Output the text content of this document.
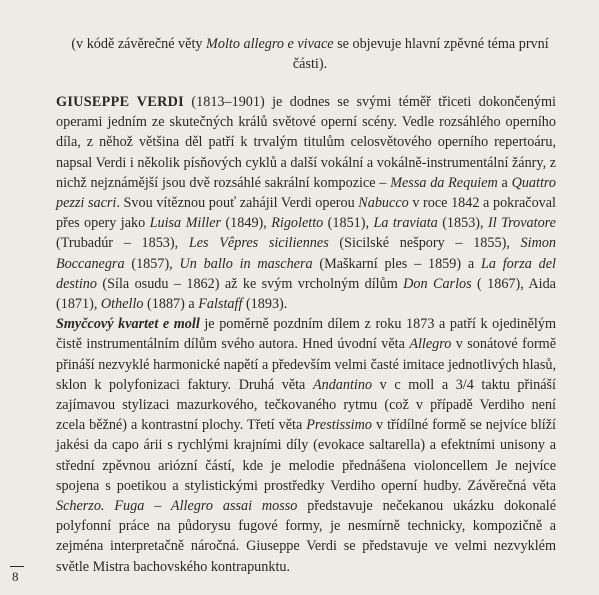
(v kódě závěrečné věty Molto allegro e vivace se objevuje hlavní zpěvné téma první části).

GIUSEPPE VERDI (1813–1901) je dodnes se svými téměř třiceti dokončenými operami jedním ze skutečných králů světové operní scény. Vedle rozsáhlého operního díla, z něhož většina děl patří k trvalým titulům celosvětového operního repertoáru, napsal Verdi i několik písňových cyklů a další vokální a vokálně-instrumentální žánry, z nichž nejznámější jsou dvě rozsáhlé sakrální kompozice – Messa da Requiem a Quattro pezzi sacri. Svou vítěznou pouť zahájil Verdi operou Nabucco v roce 1842 a pokračoval přes opery jako Luisa Miller (1849), Rigoletto (1851), La traviata (1853), Il Trovatore (Trubadúr – 1853), Les Vêpres siciliennes (Sicilské nešpory – 1855), Simon Boccanegra (1857), Un ballo in maschera (Maškarní ples – 1859) a La forza del destino (Síla osudu – 1862) až ke svým vrcholným dílům Don Carlos ( 1867), Aida (1871), Othello (1887) a Falstaff (1893).

Smyčcový kvartet e moll je poměrně pozdním dílem z roku 1873 a patří k ojedinělým čistě instrumentálním dílům svého autora. Hned úvodní věta Allegro v sonátové formě přináší nezvyklé harmonické napětí a především velmi časté imitace jednotlivých hlasů, sklon k polyfonizaci faktury. Druhá věta Andantino v c moll a 3/4 taktu přináší zajímavou stylizaci mazurkového, tečkovaného rytmu (což v případě Verdiho není zcela běžné) a kontrastní plochy. Třetí věta Prestissimo v třídílné formě se nejvíce blíží jakési da capo árii s rychlými krajními díly (evokace saltarella) a efektními unisony a střední zpěvnou ariózní částí, kde je melodie přednášena violoncellem Je nejvíce spojena s poetikou a stylistickými prostředky Verdiho operní hudby. Závěrečná věta Scherzo. Fuga – Allegro assai mosso představuje nečekanou ukázku dokonalé polyfonní práce na půdorysu fugové formy, je nesmírně technicky, kompozičně a zejména interpretačně náročná. Giuseppe Verdi se představuje ve velmi nezvyklém světle Mistra bachovského kontrapunktu.

8
